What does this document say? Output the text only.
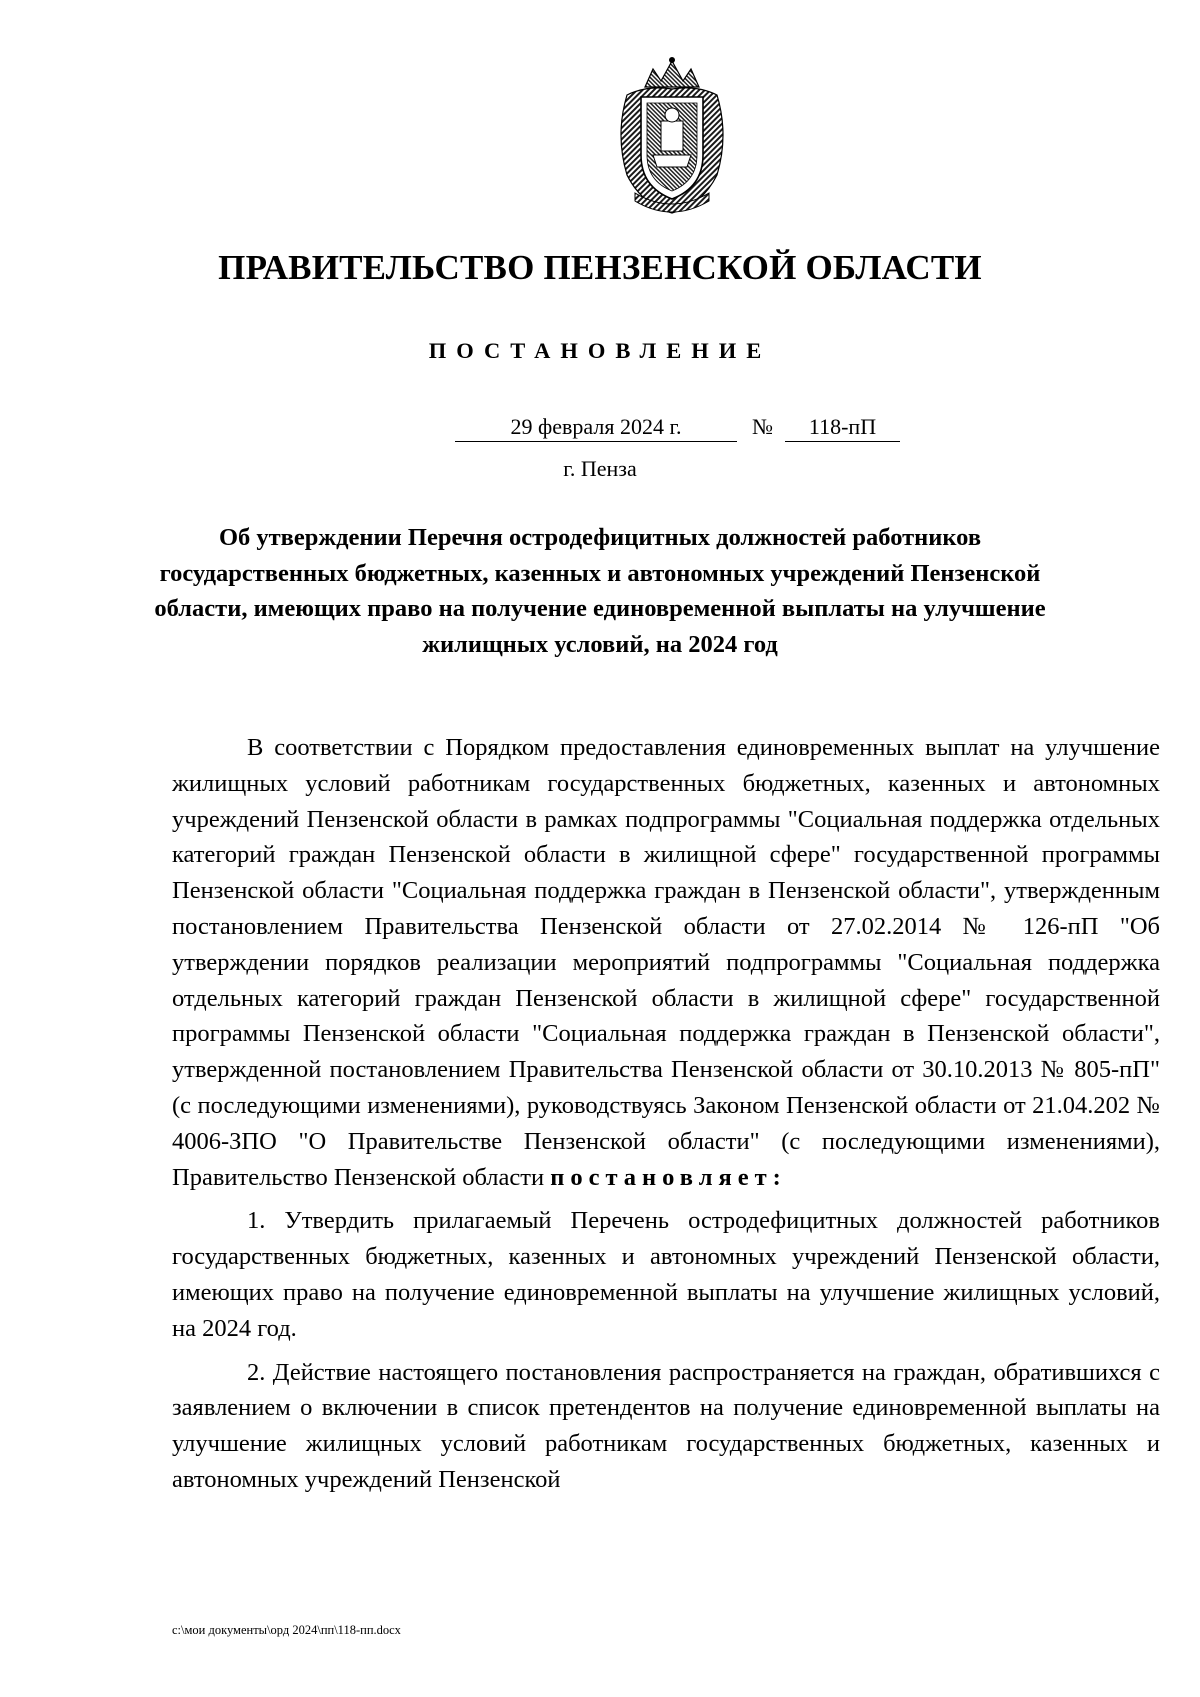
ПРАВИТЕЛЬСТВО ПЕНЗЕНСКОЙ ОБЛАСТИ
ПОСТАНОВЛЕНИЕ
29 февраля 2024 г.	№	118-пП

г. Пенза

Об утверждении Перечня остродефицитных должностей работников государственных бюджетных, казенных и автономных учреждений Пензенской области, имеющих право на получение единовременной выплаты на улучшение жилищных условий, на 2024 год

В соответствии с Порядком предоставления единовременных выплат на улучшение жилищных условий работникам государственных бюджетных, казенных и автономных учреждений Пензенской области в рамках подпрограммы "Социальная поддержка отдельных категорий граждан Пензенской области в жилищной сфере" государственной программы Пензенской области "Социальная поддержка граждан в Пензенской области", утвержденным постановлением Правительства Пензенской области от 27.02.2014 № 126-пП "Об утверждении порядков реализации мероприятий подпрограммы "Социальная поддержка отдельных категорий граждан Пензенской области в жилищной сфере" государственной программы Пензенской области "Социальная поддержка граждан в Пензенской области", утвержденной постановлением Правительства Пензенской области от 30.10.2013 № 805-пП" (с последующими изменениями), руководствуясь Законом Пензенской области от 21.04.202 № 4006-ЗПО "О Правительстве Пензенской области" (с последующими изменениями), Правительство Пензенской области постановляет:

1. Утвердить прилагаемый Перечень остродефицитных должностей работников государственных бюджетных, казенных и автономных учреждений Пензенской области, имеющих право на получение единовременной выплаты на улучшение жилищных условий, на 2024 год.

2. Действие настоящего постановления распространяется на граждан, обратившихся с заявлением о включении в список претендентов на получение единовременной выплаты на улучшение жилищных условий работникам государственных бюджетных, казенных и автономных учреждений Пензенской

c:\мои документы\орд 2024\пп\118-пп.docx
